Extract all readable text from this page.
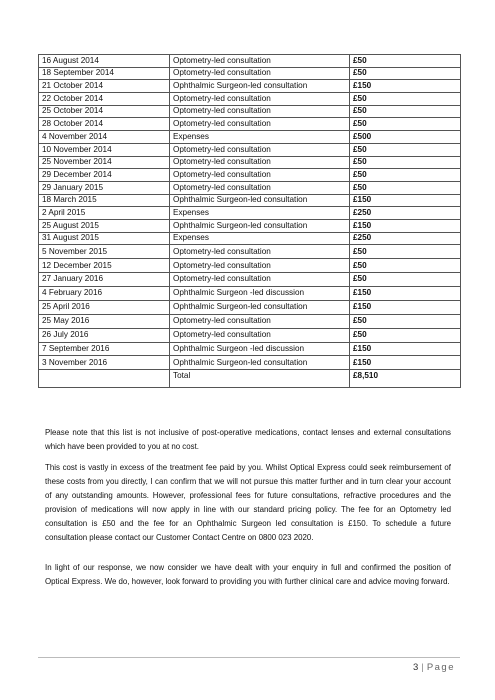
16 August 2014	Optometry-led consultation	£50
18 September 2014	Optometry-led consultation	£50
21 October 2014	Ophthalmic Surgeon-led consultation	£150
22 October 2014	Optometry-led consultation	£50
25 October 2014	Optometry-led consultation	£50
28 October 2014	Optometry-led consultation	£50
4 November 2014	Expenses	£500
10 November 2014	Optometry-led consultation	£50
25 November 2014	Optometry-led consultation	£50
29 December 2014	Optometry-led consultation	£50
29 January 2015	Optometry-led consultation	£50
18 March 2015	Ophthalmic Surgeon-led consultation	£150
2 April 2015	Expenses	£250
25 August 2015	Ophthalmic Surgeon-led consultation	£150
31 August 2015	Expenses	£250
5 November 2015	Optometry-led consultation	£50
12 December 2015	Optometry-led consultation	£50
27 January 2016	Optometry-led consultation	£50
4 February 2016	Ophthalmic Surgeon -led discussion	£150
25 April 2016	Ophthalmic Surgeon-led consultation	£150
25 May 2016	Optometry-led consultation	£50
26 July 2016	Optometry-led consultation	£50
7 September 2016	Ophthalmic Surgeon -led discussion	£150
3 November 2016	Ophthalmic Surgeon-led consultation	£150
	Total	£8,510

Please note that this list is not inclusive of post-operative medications, contact lenses and external consultations which have been provided to you at no cost.

This cost is vastly in excess of the treatment fee paid by you. Whilst Optical Express could seek reimbursement of these costs from you directly, I can confirm that we will not pursue this matter further and in turn clear your account of any outstanding amounts. However, professional fees for future consultations, refractive procedures and the provision of medications will now apply in line with our standard pricing policy. The fee for an Optometry led consultation is £50 and the fee for an Ophthalmic Surgeon led consultation is £150. To schedule a future consultation please contact our Customer Contact Centre on 0800 023 2020.

In light of our response, we now consider we have dealt with your enquiry in full and confirmed the position of Optical Express. We do, however, look forward to providing you with further clinical care and advice moving forward.

3 | Page
